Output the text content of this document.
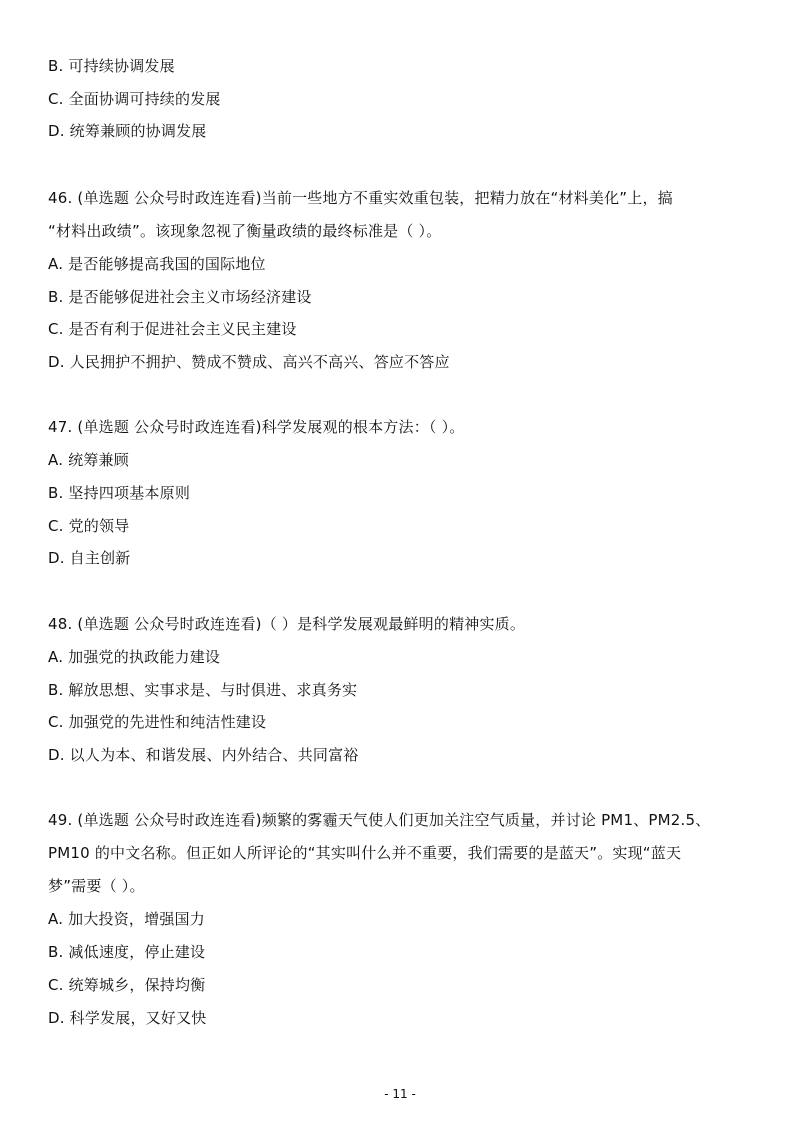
B. 可持续协调发展
C. 全面协调可持续的发展
D. 统筹兼顾的协调发展
46. (单选题 公众号时政连连看)当前一些地方不重实效重包装，把精力放在“材料美化”上，搞
“材料出政绩”。该现象忽视了衡量政绩的最终标准是（ ）。
A. 是否能够提高我国的国际地位
B. 是否能够促进社会主义市场经济建设
C. 是否有利于促进社会主义民主建设
D. 人民拥护不拥护、赞成不赞成、高兴不高兴、答应不答应
47. (单选题 公众号时政连连看)科学发展观的根本方法：（ ）。
A. 统筹兼顾
B. 坚持四项基本原则
C. 党的领导
D. 自主创新
48. (单选题 公众号时政连连看)（ ）是科学发展观最鲜明的精神实质。
A. 加强党的执政能力建设
B. 解放思想、实事求是、与时俱进、求真务实
C. 加强党的先进性和纯洁性建设
D. 以人为本、和谐发展、内外结合、共同富裕
49. (单选题 公众号时政连连看)频繁的雾霾天气使人们更加关注空气质量，并讨论 PM1、PM2.5、
PM10 的中文名称。但正如人所评论的“其实叫什么并不重要，我们需要的是蓝天”。实现“蓝天
梦”需要（ ）。
A. 加大投资，增强国力
B. 减低速度，停止建设
C. 统筹城乡，保持均衡
D. 科学发展，又好又快
- 11 -
